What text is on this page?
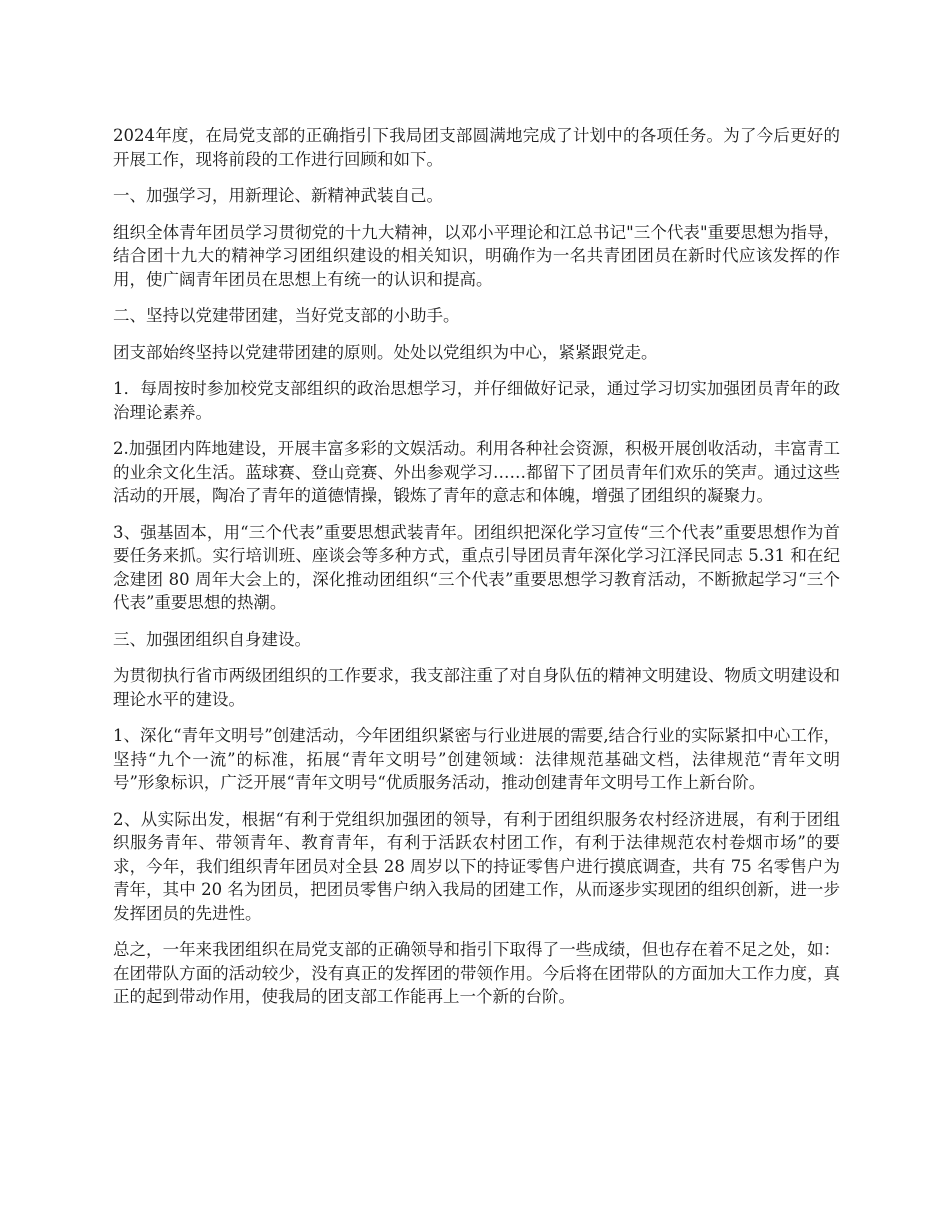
2024年度，在局党支部的正确指引下我局团支部圆满地完成了计划中的各项任务。为了今后更好的开展工作，现将前段的工作进行回顾和如下。

一、加强学习，用新理论、新精神武装自己。

组织全体青年团员学习贯彻党的十九大精神，以邓小平理论和江总书记"三个代表"重要思想为指导，结合团十九大的精神学习团组织建设的相关知识，明确作为一名共青团团员在新时代应该发挥的作用，使广阔青年团员在思想上有统一的认识和提高。

二、坚持以党建带团建，当好党支部的小助手。

团支部始终坚持以党建带团建的原则。处处以党组织为中心，紧紧跟党走。

1．每周按时参加校党支部组织的政治思想学习，并仔细做好记录，通过学习切实加强团员青年的政治理论素养。

2.加强团内阵地建设，开展丰富多彩的文娱活动。利用各种社会资源，积极开展创收活动，丰富青工的业余文化生活。蓝球赛、登山竞赛、外出参观学习……都留下了团员青年们欢乐的笑声。通过这些活动的开展，陶冶了青年的道德情操，锻炼了青年的意志和体魄，增强了团组织的凝聚力。

3、强基固本，用“三个代表”重要思想武装青年。团组织把深化学习宣传“三个代表”重要思想作为首要任务来抓。实行培训班、座谈会等多种方式，重点引导团员青年深化学习江泽民同志 5.31 和在纪念建团 80 周年大会上的，深化推动团组织“三个代表”重要思想学习教育活动，不断掀起学习“三个代表”重要思想的热潮。

三、加强团组织自身建设。

为贯彻执行省市两级团组织的工作要求，我支部注重了对自身队伍的精神文明建设、物质文明建设和理论水平的建设。

1、深化“青年文明号”创建活动，今年团组织紧密与行业进展的需要,结合行业的实际紧扣中心工作，坚持“九个一流”的标准，拓展“青年文明号”创建领域：法律规范基础文档，法律规范“青年文明号”形象标识，广泛开展“青年文明号“优质服务活动，推动创建青年文明号工作上新台阶。

2、从实际出发，根据“有利于党组织加强团的领导，有利于团组织服务农村经济进展，有利于团组织服务青年、带领青年、教育青年，有利于活跃农村团工作，有利于法律规范农村卷烟市场”的要求，今年，我们组织青年团员对全县 28 周岁以下的持证零售户进行摸底调查，共有 75 名零售户为青年，其中 20 名为团员，把团员零售户纳入我局的团建工作，从而逐步实现团的组织创新，进一步发挥团员的先进性。

总之，一年来我团组织在局党支部的正确领导和指引下取得了一些成绩，但也存在着不足之处，如：在团带队方面的活动较少，没有真正的发挥团的带领作用。今后将在团带队的方面加大工作力度，真正的起到带动作用，使我局的团支部工作能再上一个新的台阶。
